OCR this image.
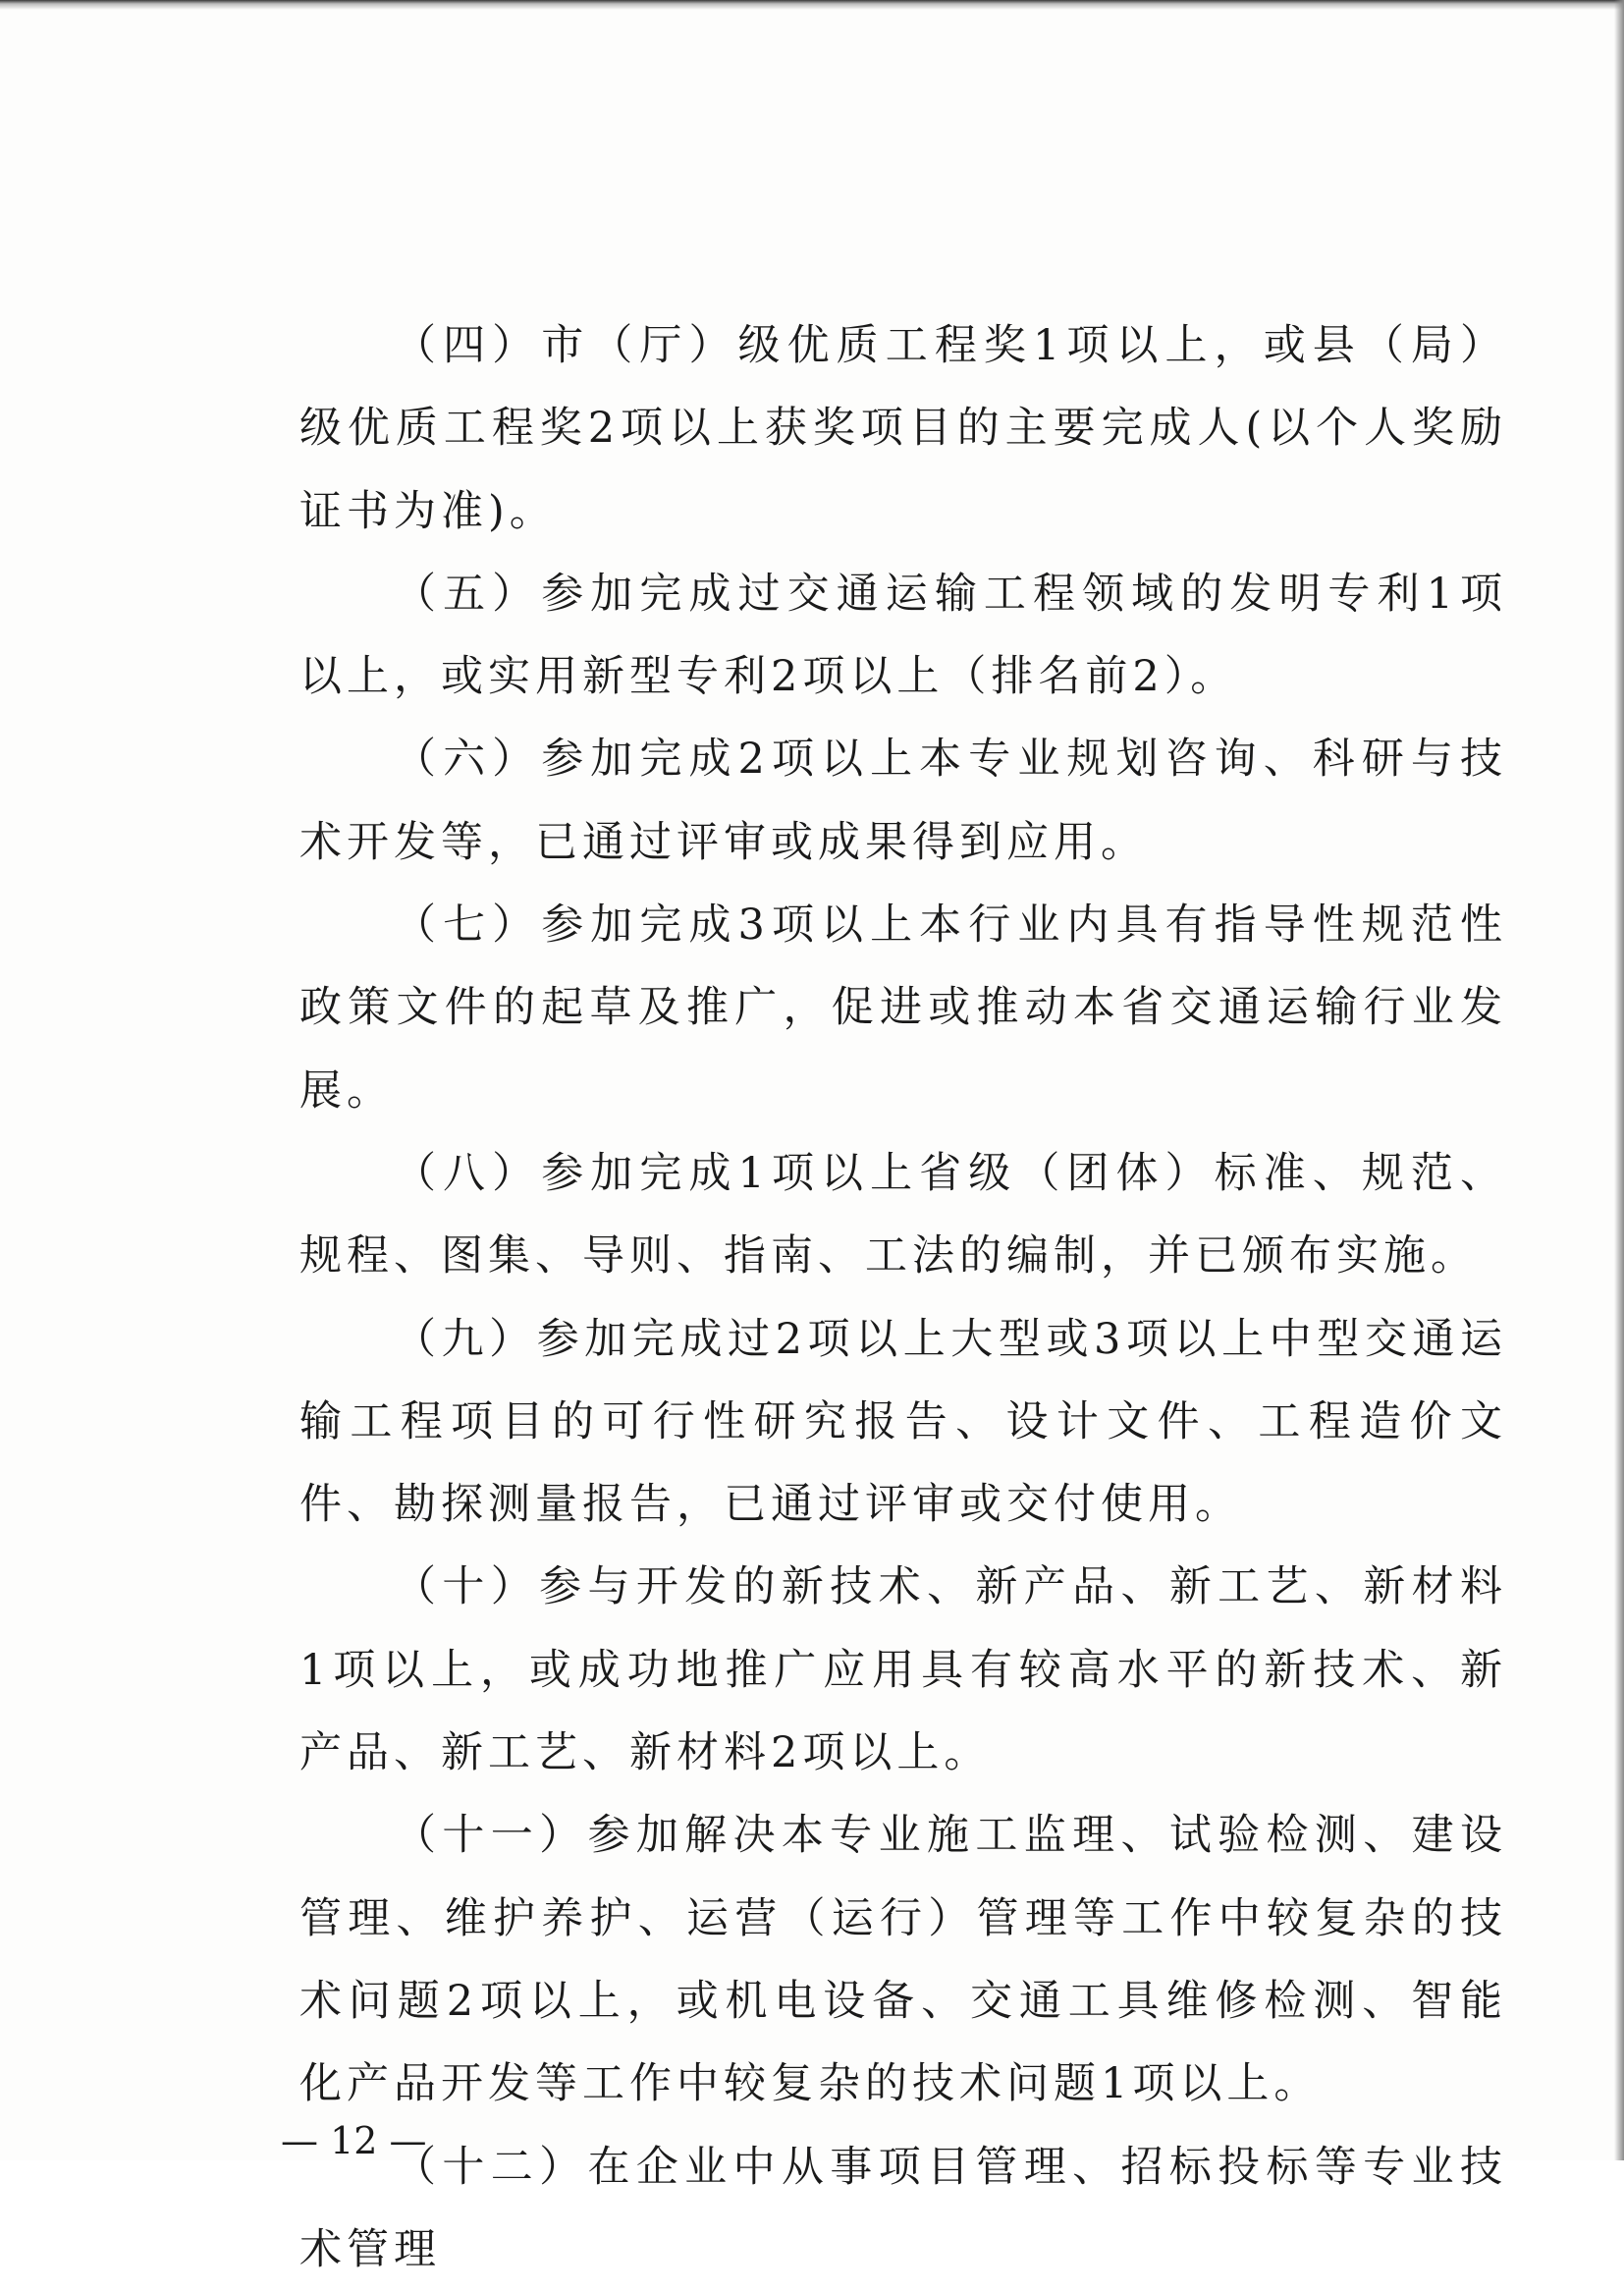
（四）市（厅）级优质工程奖1项以上，或县（局）级优质工程奖2项以上获奖项目的主要完成人(以个人奖励证书为准)。

（五）参加完成过交通运输工程领域的发明专利1项以上，或实用新型专利2项以上（排名前2）。

（六）参加完成2项以上本专业规划咨询、科研与技术开发等，已通过评审或成果得到应用。

（七）参加完成3项以上本行业内具有指导性规范性政策文件的起草及推广，促进或推动本省交通运输行业发展。

（八）参加完成1项以上省级（团体）标准、规范、规程、图集、导则、指南、工法的编制，并已颁布实施。

（九）参加完成过2项以上大型或3项以上中型交通运输工程项目的可行性研究报告、设计文件、工程造价文件、勘探测量报告，已通过评审或交付使用。

（十）参与开发的新技术、新产品、新工艺、新材料1项以上，或成功地推广应用具有较高水平的新技术、新产品、新工艺、新材料2项以上。

（十一）参加解决本专业施工监理、试验检测、建设管理、维护养护、运营（运行）管理等工作中较复杂的技术问题2项以上，或机电设备、交通工具维修检测、智能化产品开发等工作中较复杂的技术问题1项以上。

（十二）在企业中从事项目管理、招标投标等专业技术管理

— 12 —
